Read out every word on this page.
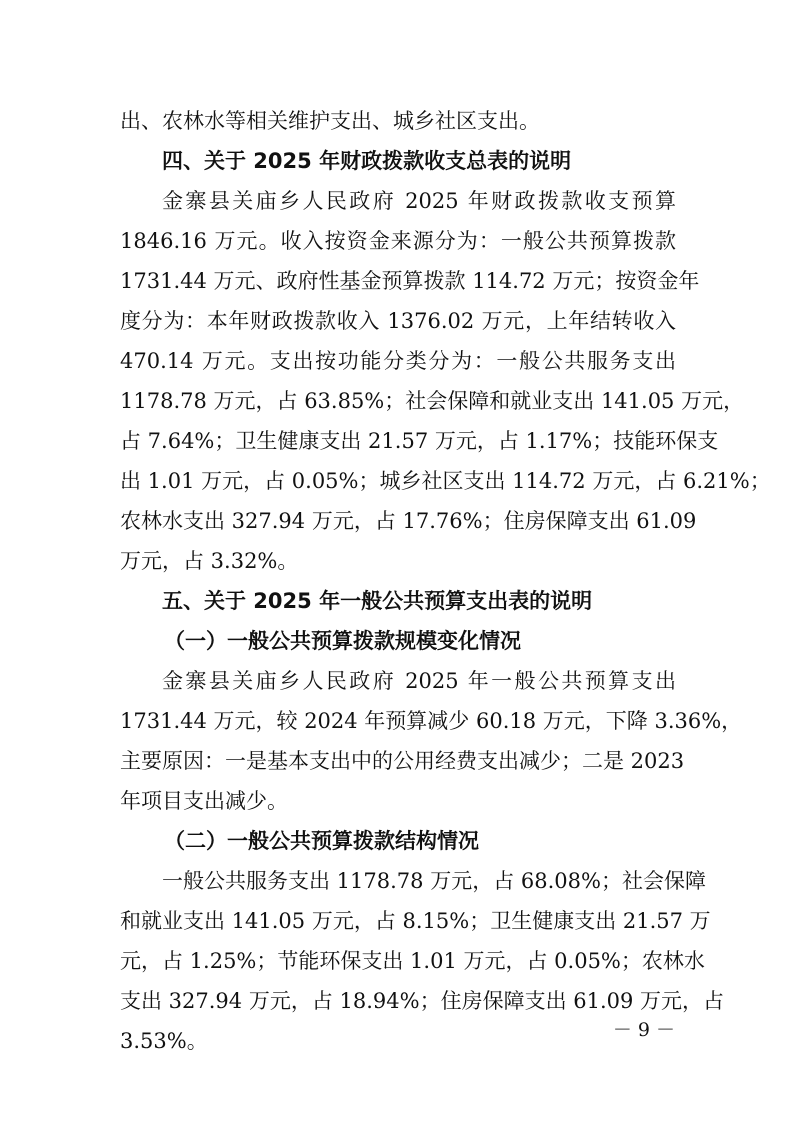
出、农林水等相关维护支出、城乡社区支出。
四、关于 2025 年财政拨款收支总表的说明
金寨县关庙乡人民政府 2025 年财政拨款收支预算
1846.16 万元。收入按资金来源分为：一般公共预算拨款
1731.44 万元、政府性基金预算拨款 114.72 万元；按资金年
度分为：本年财政拨款收入 1376.02 万元，上年结转收入
470.14 万元。支出按功能分类分为：一般公共服务支出
1178.78 万元，占 63.85%；社会保障和就业支出 141.05 万元，
占 7.64%；卫生健康支出 21.57 万元，占 1.17%；技能环保支
出 1.01 万元，占 0.05%；城乡社区支出 114.72 万元，占 6.21%；
农林水支出 327.94 万元，占 17.76%；住房保障支出 61.09
万元，占 3.32%。
五、关于 2025 年一般公共预算支出表的说明
（一）一般公共预算拨款规模变化情况
金寨县关庙乡人民政府 2025 年一般公共预算支出
1731.44 万元，较 2024 年预算减少 60.18 万元，下降 3.36%，
主要原因：一是基本支出中的公用经费支出减少；二是 2023
年项目支出减少。
（二）一般公共预算拨款结构情况
一般公共服务支出 1178.78 万元，占 68.08%；社会保障
和就业支出 141.05 万元，占 8.15%；卫生健康支出 21.57 万
元，占 1.25%；节能环保支出 1.01 万元，占 0.05%；农林水
支出 327.94 万元，占 18.94%；住房保障支出 61.09 万元，占
3.53%。	－ 9 －
